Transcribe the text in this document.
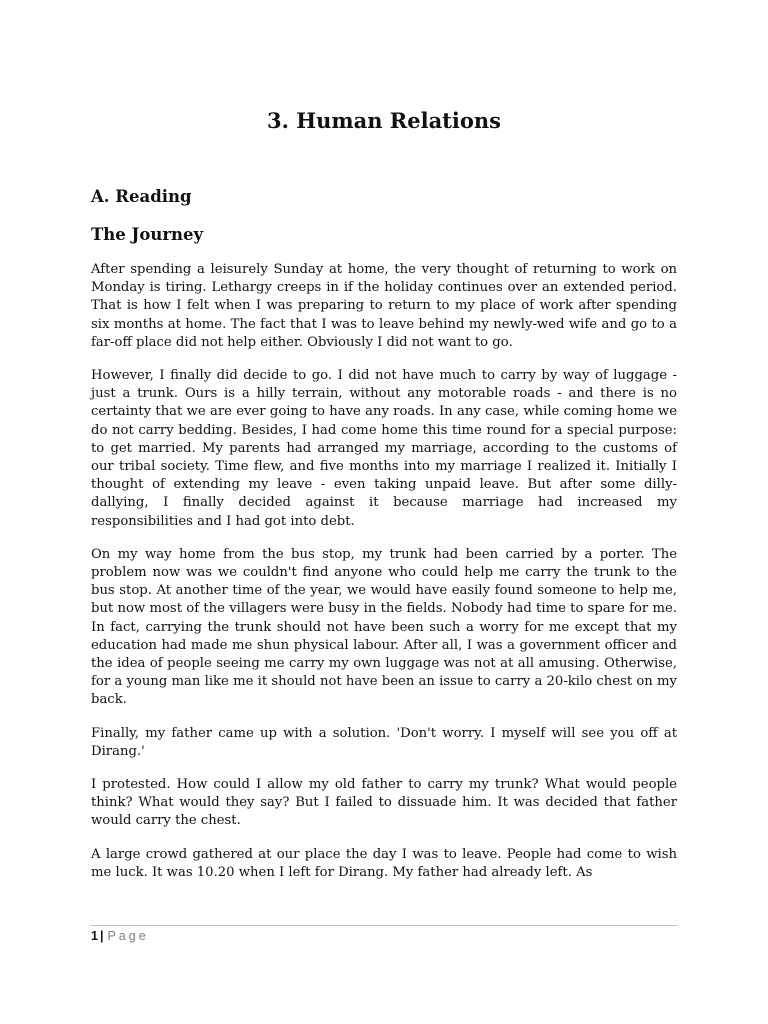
3. Human Relations
A. Reading
The Journey

After spending a leisurely Sunday at home, the very thought of returning to work on Monday is tiring. Lethargy creeps in if the holiday continues over an extended period. That is how I felt when I was preparing to return to my place of work after spending six months at home. The fact that I was to leave behind my newly-wed wife and go to a far-off place did not help either. Obviously I did not want to go.

However, I finally did decide to go. I did not have much to carry by way of luggage - just a trunk. Ours is a hilly terrain, without any motorable roads - and there is no certainty that we are ever going to have any roads. In any case, while coming home we do not carry bedding. Besides, I had come home this time round for a special purpose: to get married. My parents had arranged my marriage, according to the customs of our tribal society. Time flew, and five months into my marriage I realized it. Initially I thought of extending my leave - even taking unpaid leave. But after some dilly-dallying, I finally decided against it because marriage had increased my responsibilities and I had got into debt.

On my way home from the bus stop, my trunk had been carried by a porter. The problem now was we couldn't find anyone who could help me carry the trunk to the bus stop. At another time of the year, we would have easily found someone to help me, but now most of the villagers were busy in the fields. Nobody had time to spare for me. In fact, carrying the trunk should not have been such a worry for me except that my education had made me shun physical labour. After all, I was a government officer and the idea of people seeing me carry my own luggage was not at all amusing. Otherwise, for a young man like me it should not have been an issue to carry a 20-kilo chest on my back.

Finally, my father came up with a solution. 'Don't worry. I myself will see you off at Dirang.'

I protested. How could I allow my old father to carry my trunk? What would people think? What would they say? But I failed to dissuade him. It was decided that father would carry the chest.

A large crowd gathered at our place the day I was to leave. People had come to wish me luck. It was 10.20 when I left for Dirang. My father had already left. As

1 | Page
